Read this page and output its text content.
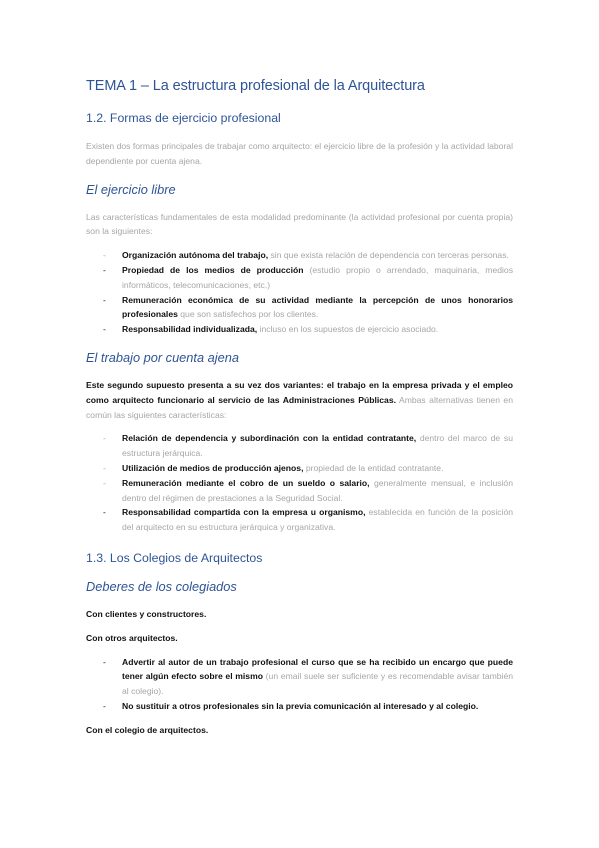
TEMA 1 – La estructura profesional de la Arquitectura
1.2. Formas de ejercicio profesional

Existen dos formas principales de trabajar como arquitecto: el ejercicio libre de la profesión y la actividad laboral dependiente por cuenta ajena.

El ejercicio libre

Las características fundamentales de esta modalidad predominante (la actividad profesional por cuenta propia) son la siguientes:

- Organización autónoma del trabajo, sin que exista relación de dependencia con terceras personas.
- Propiedad de los medios de producción (estudio propio o arrendado, maquinaria, medios informáticos, telecomunicaciones, etc.)
- Remuneración económica de su actividad mediante la percepción de unos honorarios profesionales que son satisfechos por los clientes.
- Responsabilidad individualizada, incluso en los supuestos de ejercicio asociado.
El trabajo por cuenta ajena

Este segundo supuesto presenta a su vez dos variantes: el trabajo en la empresa privada y el empleo como arquitecto funcionario al servicio de las Administraciones Públicas. Ambas alternativas tienen en común las siguientes características:

- Relación de dependencia y subordinación con la entidad contratante, dentro del marco de su estructura jerárquica.
- Utilización de medios de producción ajenos, propiedad de la entidad contratante.
- Remuneración mediante el cobro de un sueldo o salario, generalmente mensual, e inclusión dentro del régimen de prestaciones a la Seguridad Social.
- Responsabilidad compartida con la empresa u organismo, establecida en función de la posición del arquitecto en su estructura jerárquica y organizativa.
1.3. Los Colegios de Arquitectos
Deberes de los colegiados

Con clientes y constructores.

Con otros arquitectos.

- Advertir al autor de un trabajo profesional el curso que se ha recibido un encargo que puede tener algún efecto sobre el mismo (un email suele ser suficiente y es recomendable avisar también al colegio).
- No sustituir a otros profesionales sin la previa comunicación al interesado y al colegio.

Con el colegio de arquitectos.
